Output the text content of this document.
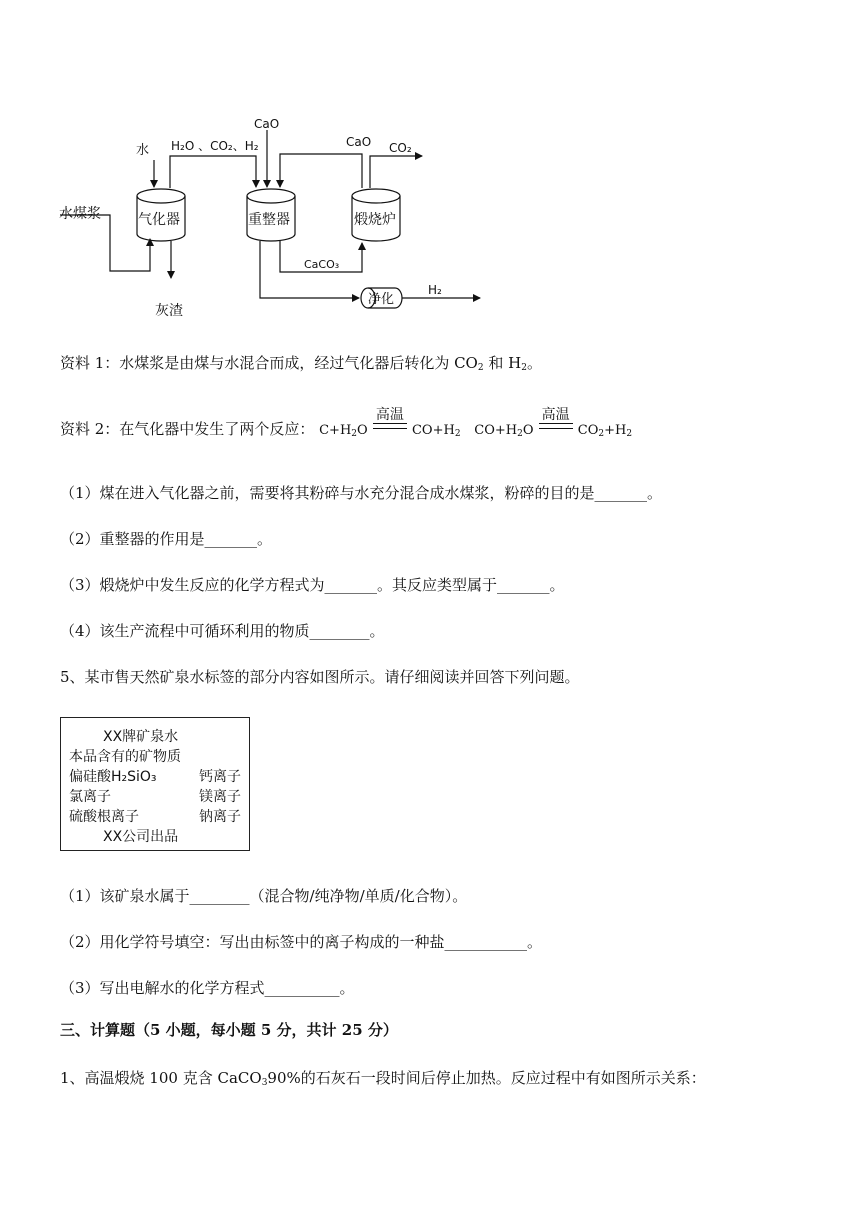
水 H₂O 、CO₂、H₂
CaO
CaO CO₂
水煤浆	气化器	重整器	煅烧炉
CaCO₃
净化
H₂
灰渣
资料 1：水煤浆是由煤与水混合而成，经过气化器后转化为 $CO_2$ 和 $H_2$。
资料 2：在气化器中发生了两个反应： $C+H_2O$
高温
$CO+H_2$ $CO+H_2O$
高温
$CO_2+H_2$
（1）煤在进入气化器之前，需要将其粉碎与水充分混合成水煤浆，粉碎的目的是_______。
（2）重整器的作用是_______。
（3）煅烧炉中发生反应的化学方程式为_______。其反应类型属于_______。
（4）该生产流程中可循环利用的物质________。
5、某市售天然矿泉水标签的部分内容如图所示。请仔细阅读并回答下列问题。
XX牌矿泉水
本品含有的矿物质
偏硅酸H₂SiO₃	钙离子
氯离子	镁离子
硫酸根离子	钠离子
XX公司出品
（1）该矿泉水属于________（混合物/纯净物/单质/化合物）。
（2）用化学符号填空：写出由标签中的离子构成的一种盐___________。
（3）写出电解水的化学方程式__________。
三、计算题（5 小题，每小题 5 分，共计 25 分）
1、高温煅烧 100 克含 CaCO$_3$90%的石灰石一段时间后停止加热。反应过程中有如图所示关系：
